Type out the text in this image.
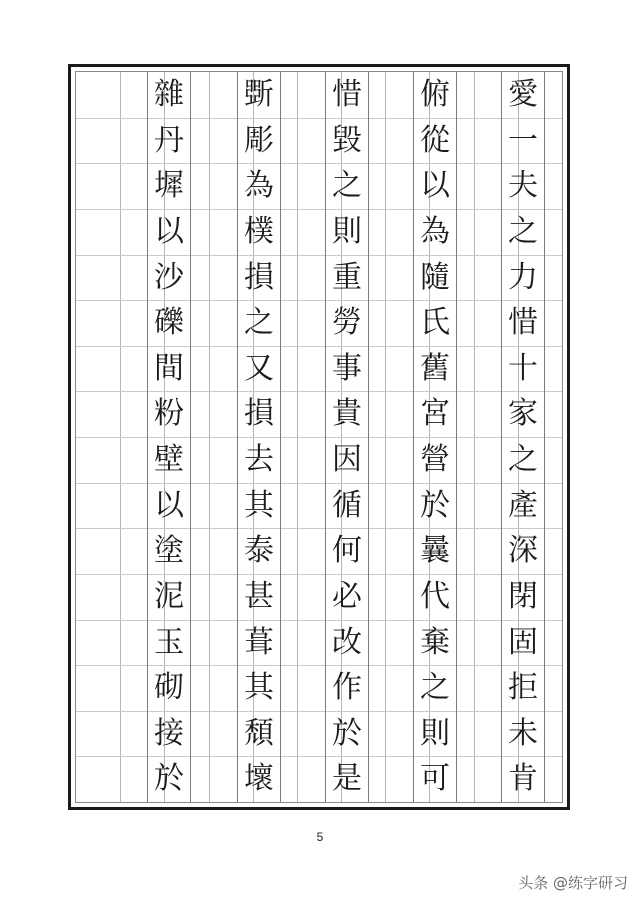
愛
一
夫
之
力
惜
十
家
之
產
深
閉
固
拒
未
肯
俯
從
以
為
隨
氏
舊
宮
營
於
曩
代
棄
之
則
可
惜
毀
之
則
重
勞
事
貴
因
循
何
必
改
作
於
是
斲
彫
為
樸
損
之
又
損
去
其
泰
甚
葺
其
頹
壞
雜
丹
墀
以
沙
礫
間
粉
壁
以
塗
泥
玉
砌
接
於
5
头条 @练字研习
